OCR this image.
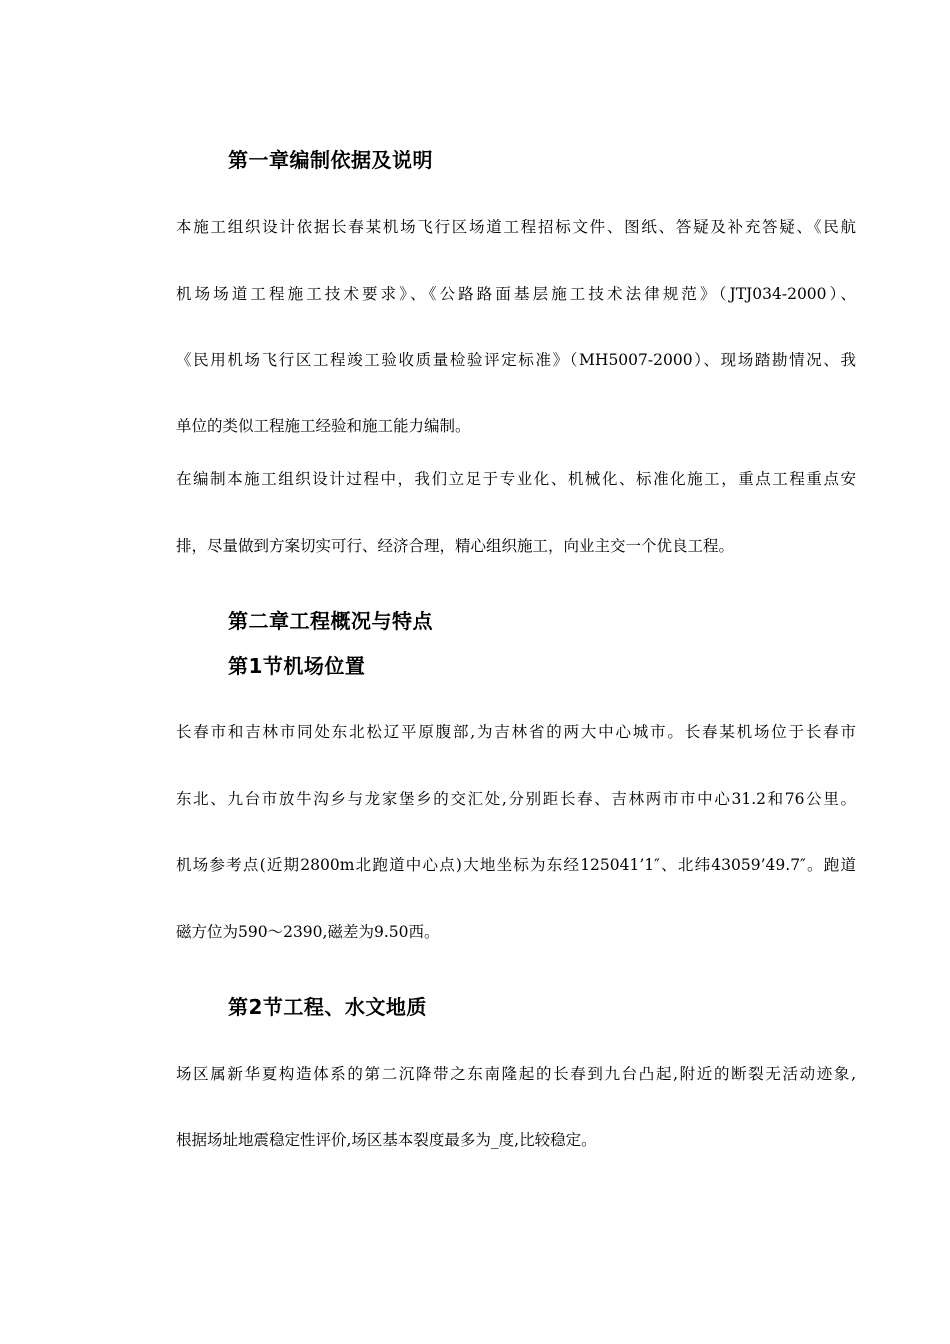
第一章编制依据及说明
本施工组织设计依据长春某机场飞行区场道工程招标文件、图纸、答疑及补充答疑、《民航
机场场道工程施工技术要求》、《公路路面基层施工技术法律规范》（JTJ034-2000）、
《民用机场飞行区工程竣工验收质量检验评定标准》（MH5007-2000）、现场踏勘情况、我
单位的类似工程施工经验和施工能力编制。
在编制本施工组织设计过程中，我们立足于专业化、机械化、标准化施工，重点工程重点安
排，尽量做到方案切实可行、经济合理，精心组织施工，向业主交一个优良工程。
第二章工程概况与特点
第1节机场位置
长春市和吉林市同处东北松辽平原腹部,为吉林省的两大中心城市。长春某机场位于长春市
东北、九台市放牛沟乡与龙家堡乡的交汇处,分别距长春、吉林两市市中心31.2和76公里。
机场参考点(近期2800m北跑道中心点)大地坐标为东经125041’1″、北纬43059’49.7″。跑道
磁方位为590～2390,磁差为9.50西。
第2节工程、水文地质
场区属新华夏构造体系的第二沉降带之东南隆起的长春到九台凸起,附近的断裂无活动迹象,
根据场址地震稳定性评价,场区基本裂度最多为_度,比较稳定。
